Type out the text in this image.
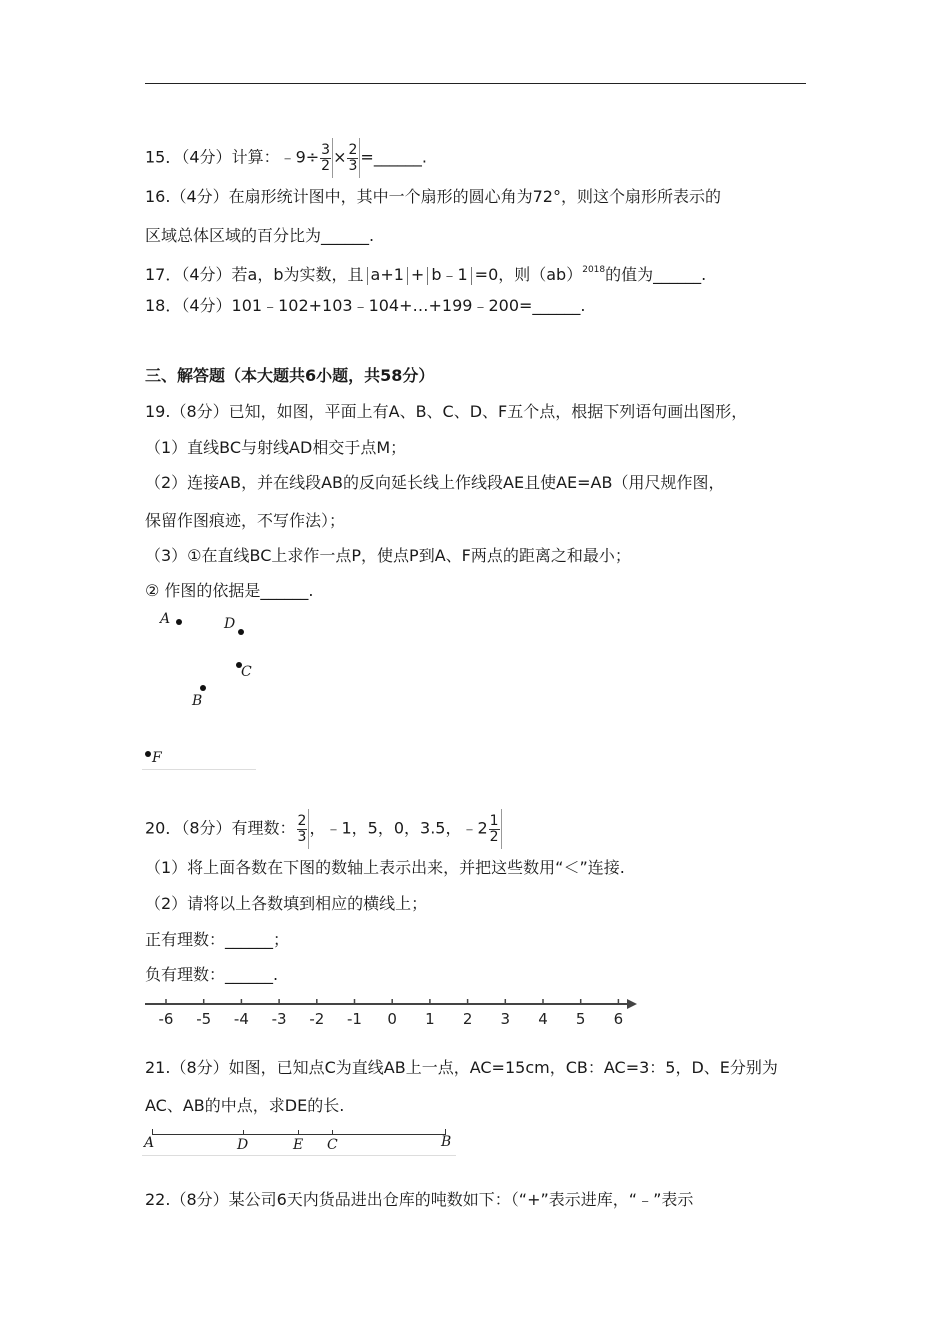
15．（4分）计算：﹣9÷ $\frac{3}{2} \times \frac{2}{3}$ =______.
16.（4分）在扇形统计图中，其中一个扇形的圆心角为72°，则这个扇形所表示的
区域总体区域的百分比为______.
17．（4分）若a，b为实数，且 a+1 + b﹣1 =0，则（ab）$^{2018}$的值为______.
18．（4分）101﹣102+103﹣104+…+199﹣200=______.
三、解答题（本大题共6小题，共58分）
19.（8分）已知，如图，平面上有A、B、C、D、F五个点，根据下列语句画出图形，
（1）直线BC与射线AD相交于点M；
（2）连接AB，并在线段AB的反向延长线上作线段AE且使AE=AB（用尺规作图，
保留作图痕迹，不写作法）；
（3）①在直线BC上求作一点P，使点P到A、F两点的距离之和最小；
② 作图的依据是______.
A	D
C
B
F
20．（8分）有理数： $\frac{2}{3}$ ，﹣1，5，0，3.5，﹣2 $\frac{1}{2}$
（1）将上面各数在下图的数轴上表示出来，并把这些数用“＜”连接.
（2）请将以上各数填到相应的横线上；
正有理数：______；
负有理数：______.
-6 -5 -4 -3 -2 -1 0 1 2 3 4 5 6
21.（8分）如图，已知点C为直线AB上一点，AC=15cm，CB：AC=3：5，D、E分别为
AC、AB的中点，求DE的长.
A	D	E C	B
22.（8分）某公司6天内货品进出仓库的吨数如下：（“+”表示进库，“﹣”表示
